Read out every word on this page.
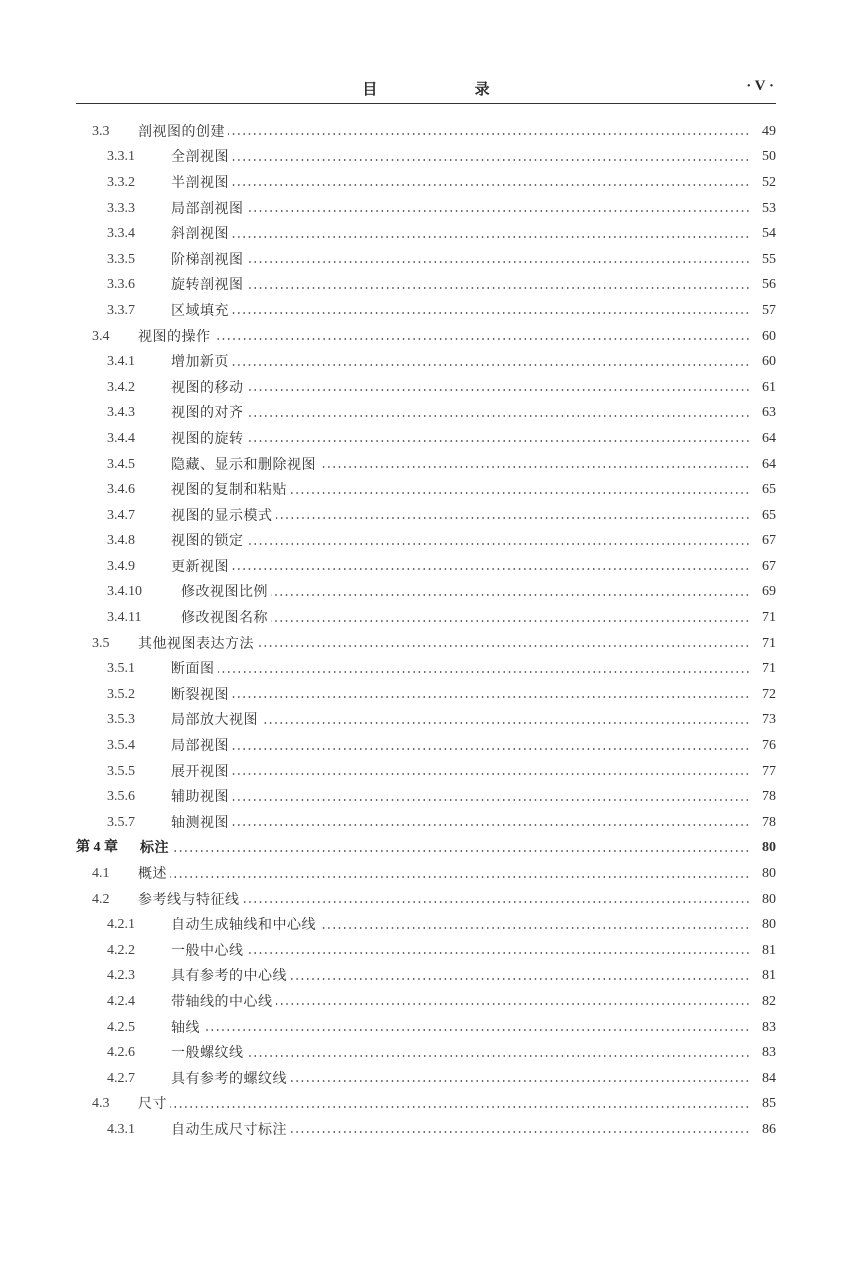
目 录	· V ·
3.3	剖视图的创建	49
3.3.1	全剖视图	50
3.3.2	半剖视图	52
3.3.3	局部剖视图	53
3.3.4	斜剖视图	54
3.3.5	阶梯剖视图	55
3.3.6	旋转剖视图	56
3.3.7	区域填充	57
3.4	视图的操作	60
3.4.1	增加新页	60
3.4.2	视图的移动	61
3.4.3	视图的对齐	63
3.4.4	视图的旋转	64
3.4.5	隐藏、显示和删除视图	64
3.4.6	视图的复制和粘贴	65
3.4.7	视图的显示模式	65
3.4.8	视图的锁定	67
3.4.9	更新视图	67
3.4.10	修改视图比例	69
3.4.11	修改视图名称	71
3.5	其他视图表达方法	71
3.5.1	断面图	71
3.5.2	断裂视图	72
3.5.3	局部放大视图	73
3.5.4	局部视图	76
3.5.5	展开视图	77
3.5.6	辅助视图	78
3.5.7	轴测视图	78
第 4 章	标注	80
4.1	概述	80
4.2	参考线与特征线	80
4.2.1	自动生成轴线和中心线	80
4.2.2	一般中心线	81
4.2.3	具有参考的中心线	81
4.2.4	带轴线的中心线	82
4.2.5	轴线	83
4.2.6	一般螺纹线	83
4.2.7	具有参考的螺纹线	84
4.3	尺寸	85
4.3.1	自动生成尺寸标注	86
